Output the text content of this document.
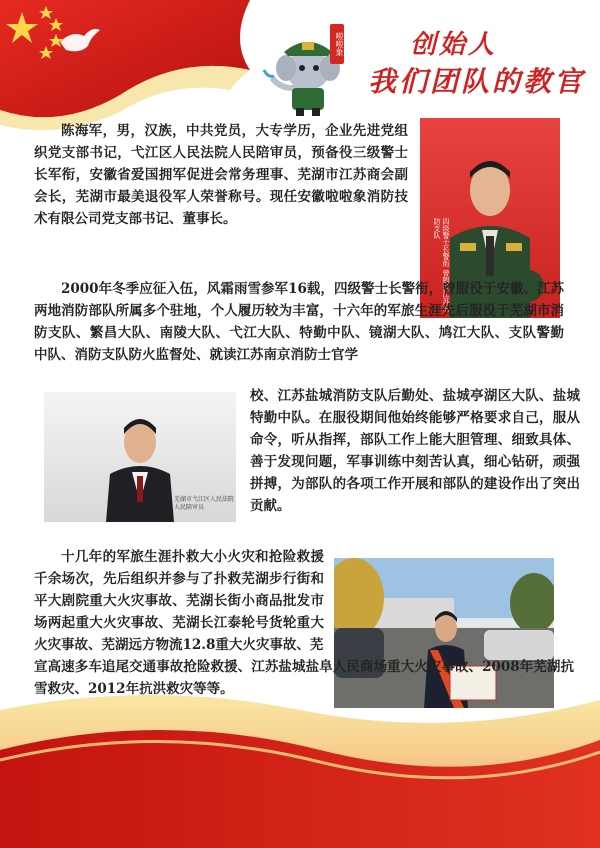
啦啦象	创始人
我们团队的教官
四级警士长警衔 曾服役江苏消防支队
芜湖市弋江区人民法院
人民陪审员

陈海军，男，汉族，中共党员，大专学历，企业先进党组织党支部书记，弋江区人民法院人民陪审员，预备役三级警士长军衔，安徽省爱国拥军促进会常务理事、芜湖市江苏商会副会长，芜湖市最美退役军人荣誉称号。现任安徽啦啦象消防技术有限公司党支部书记、董事长。

2000年冬季应征入伍，风霜雨雪参军16载，四级警士长警衔，曾服役于安徽、江苏两地消防部队所属多个驻地，个人履历较为丰富，十六年的军旅生涯先后服役于芜湖市消防支队、繁昌大队、南陵大队、弋江大队、特勤中队、镜湖大队、鸠江大队、支队警勤 中队、消防支队防火监督处、就读江苏南京消防士官学

校、江苏盐城消防支队后勤处、盐城亭湖区大队、盐城特勤中队。在服役期间他始终能够严格要求自己，服从命令，听从指挥，部队工作上能大胆管理、细致具体、善于发现问题，军事训练中刻苦认真，细心钻研，顽强拼搏，为部队的各项工作开展和部队的建设作出了突出贡献。

十几年的军旅生涯扑救大小火灾和抢险救援千余场次，先后组织并参与了扑救芜湖步行街和平大剧院重大火灾事故、芜湖长街小商品批发市场两起重大火灾事故、芜湖长江泰轮号货轮重大火灾事故、芜湖远方物流12.8重大火灾事故、芜

宣高速多车追尾交通事故抢险救援、江苏盐城盐阜人民商场重大火灾事故、2008年芜湖抗雪救灾、2012年抗洪救灾等等。
